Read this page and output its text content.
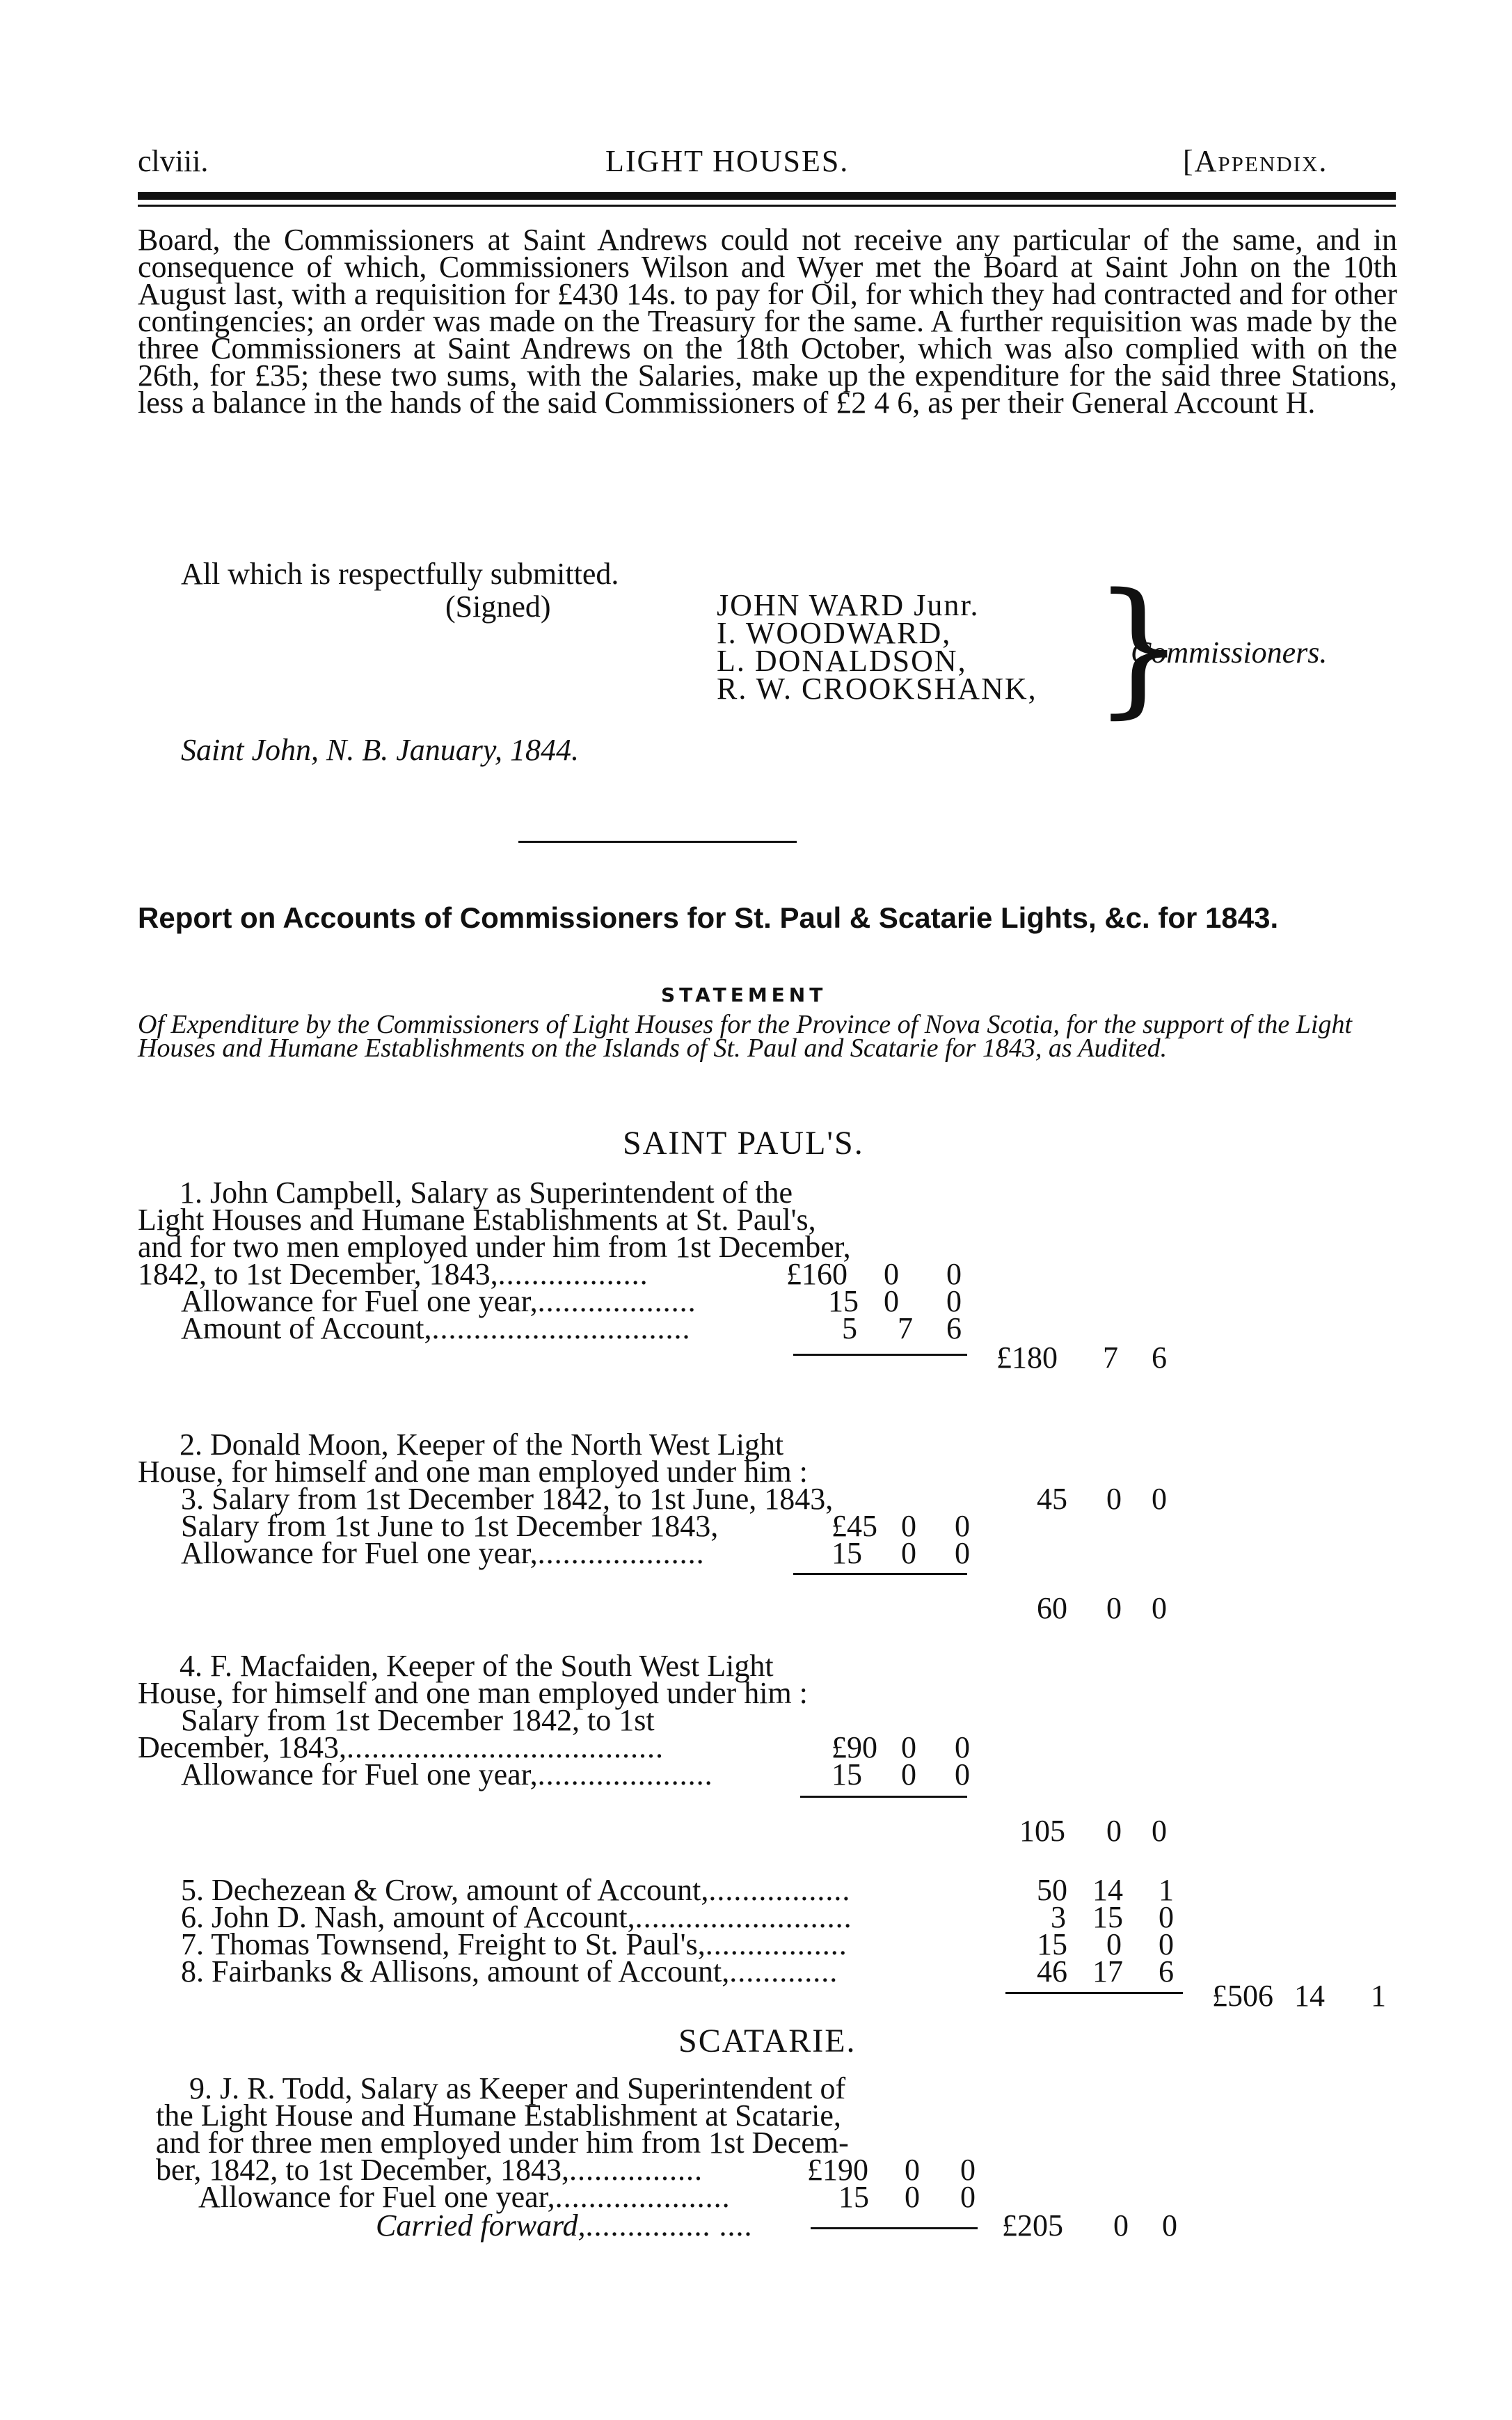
clviii.	LIGHT HOUSES.	[Appendix.

Board, the Commissioners at Saint Andrews could not receive any particular of the same, and in consequence of which, Commissioners Wilson and Wyer met the Board at Saint John on the 10th August last, with a requisition for £430 14s. to pay for Oil, for which they had contracted and for other contingencies; an order was made on the Treasury for the same. A further requisition was made by the three Commissioners at Saint Andrews on the 18th October, which was also complied with on the 26th, for £35; these two sums, with the Salaries, make up the expenditure for the said three Stations, less a balance in the hands of the said Commissioners of £2 4 6, as per their General Account H.

All which is respectfully submitted.
(Signed)	JOHN WARD Junr.
I. WOODWARD,
L. DONALDSON,
R. W. CROOKSHANK, }
Commissioners.
Saint John, N. B. January, 1844.
Report on Accounts of Commissioners for St. Paul & Scatarie Lights, &c. for 1843.
STATEMENT
Of Expenditure by the Commissioners of Light Houses for the Province of Nova Scotia, for the support of the Light Houses and Humane Establishments on the Islands of St. Paul and Scatarie for 1843, as Audited.
SAINT PAUL'S.
1. John Campbell, Salary as Superintendent of the
Light Houses and Humane Establishments at St. Paul's,
and for two men employed under him from 1st December,
1842, to 1st December, 1843,..................	£160 0 0
Allowance for Fuel one year,...................	15 0 0
Amount of Account,...............................	5 7 6
£180 7 6
2. Donald Moon, Keeper of the North West Light
House, for himself and one man employed under him :
3. Salary from 1st December 1842, to 1st June, 1843,	45 0 0
Salary from 1st June to 1st December 1843,	£45 0 0
Allowance for Fuel one year,....................	15 0 0
60 0 0
4. F. Macfaiden, Keeper of the South West Light
House, for himself and one man employed under him :
Salary from 1st December 1842, to 1st
December, 1843,......................................	£90 0 0
Allowance for Fuel one year,.....................	15 0 0
105 0 0
5. Dechezean & Crow, amount of Account,.................	50 14 1
6. John D. Nash, amount of Account,..........................	3 15 0
7. Thomas Townsend, Freight to St. Paul's,.................	15 0 0
8. Fairbanks & Allisons, amount of Account,.............	46 17 6
£506 14 1
SCATARIE.
9. J. R. Todd, Salary as Keeper and Superintendent of
the Light House and Humane Establishment at Scatarie,
and for three men employed under him from 1st Decem-
ber, 1842, to 1st December, 1843,................	£190 0 0
Allowance for Fuel one year,.....................	15 0 0
Carried forward,............... ....	£205 0 0
